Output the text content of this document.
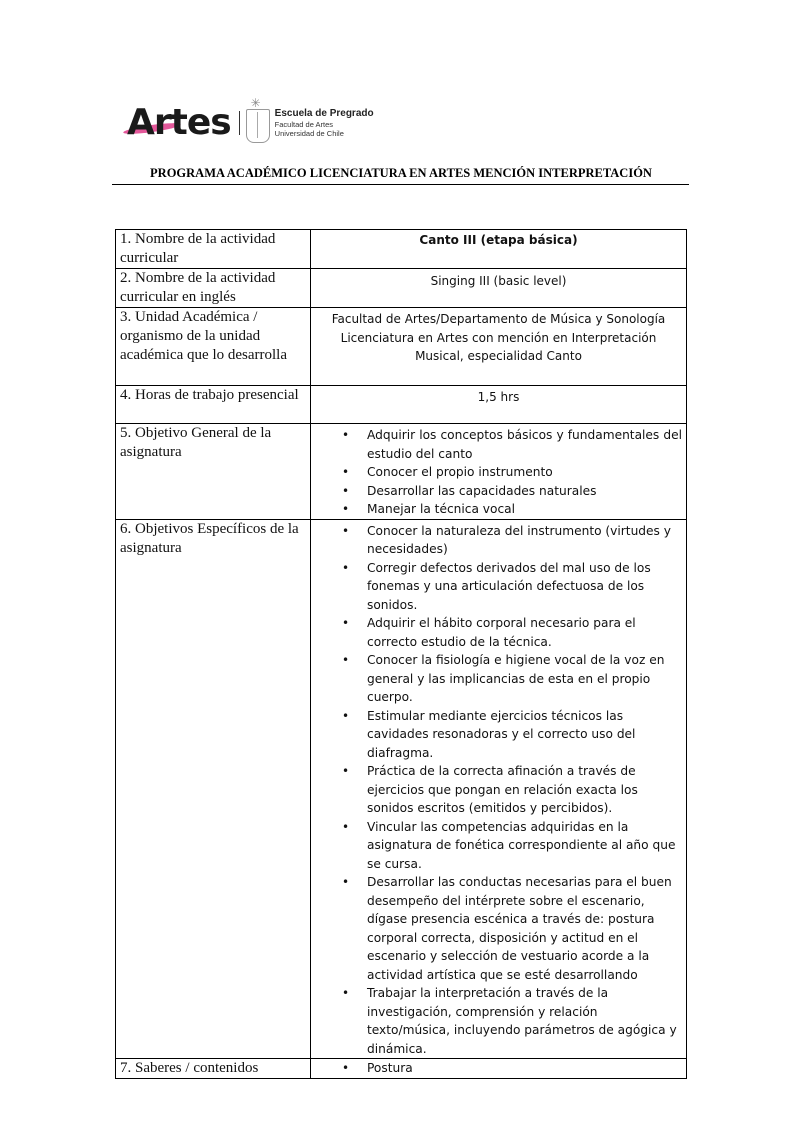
Artes ✳	Escuela de Pregrado
Facultad de Artes
Universidad de Chile
PROGRAMA ACADÉMICO LICENCIATURA EN ARTES MENCIÓN INTERPRETACIÓN
1. Nombre de la actividad curricular	Canto III (etapa básica)
2. Nombre de la actividad curricular en inglés	Singing III (basic level)
3. Unidad Académica / organismo de la unidad académica que lo desarrolla	Facultad de Artes/Departamento de Música y Sonología
Licenciatura en Artes con mención en Interpretación
Musical, especialidad Canto

4. Horas de trabajo presencial	1,5 hrs
5. Objetivo General de la asignatura	
• Adquirir los conceptos básicos y fundamentales del estudio del canto
• Conocer el propio instrumento
• Desarrollar las capacidades naturales
• Manejar la técnica vocal

6. Objetivos Específicos de la asignatura	
• Conocer la naturaleza del instrumento (virtudes y necesidades)
• Corregir defectos derivados del mal uso de los fonemas y una articulación defectuosa de los sonidos.
• Adquirir el hábito corporal necesario para el correcto estudio de la técnica.
• Conocer la fisiología e higiene vocal de la voz en general y las implicancias de esta en el propio cuerpo.
• Estimular mediante ejercicios técnicos las cavidades resonadoras y el correcto uso del diafragma.
• Práctica de la correcta afinación a través de ejercicios que pongan en relación exacta los sonidos escritos (emitidos y percibidos).
• Vincular las competencias adquiridas en la asignatura de fonética correspondiente al año que se cursa.
• Desarrollar las conductas necesarias para el buen desempeño del intérprete sobre el escenario, dígase presencia escénica a través de: postura corporal correcta, disposición y actitud en el escenario y selección de vestuario acorde a la actividad artística que se esté desarrollando
• Trabajar la interpretación a través de la investigación, comprensión y relación texto/música, incluyendo parámetros de agógica y dinámica.

7. Saberes / contenidos	
•Postura
